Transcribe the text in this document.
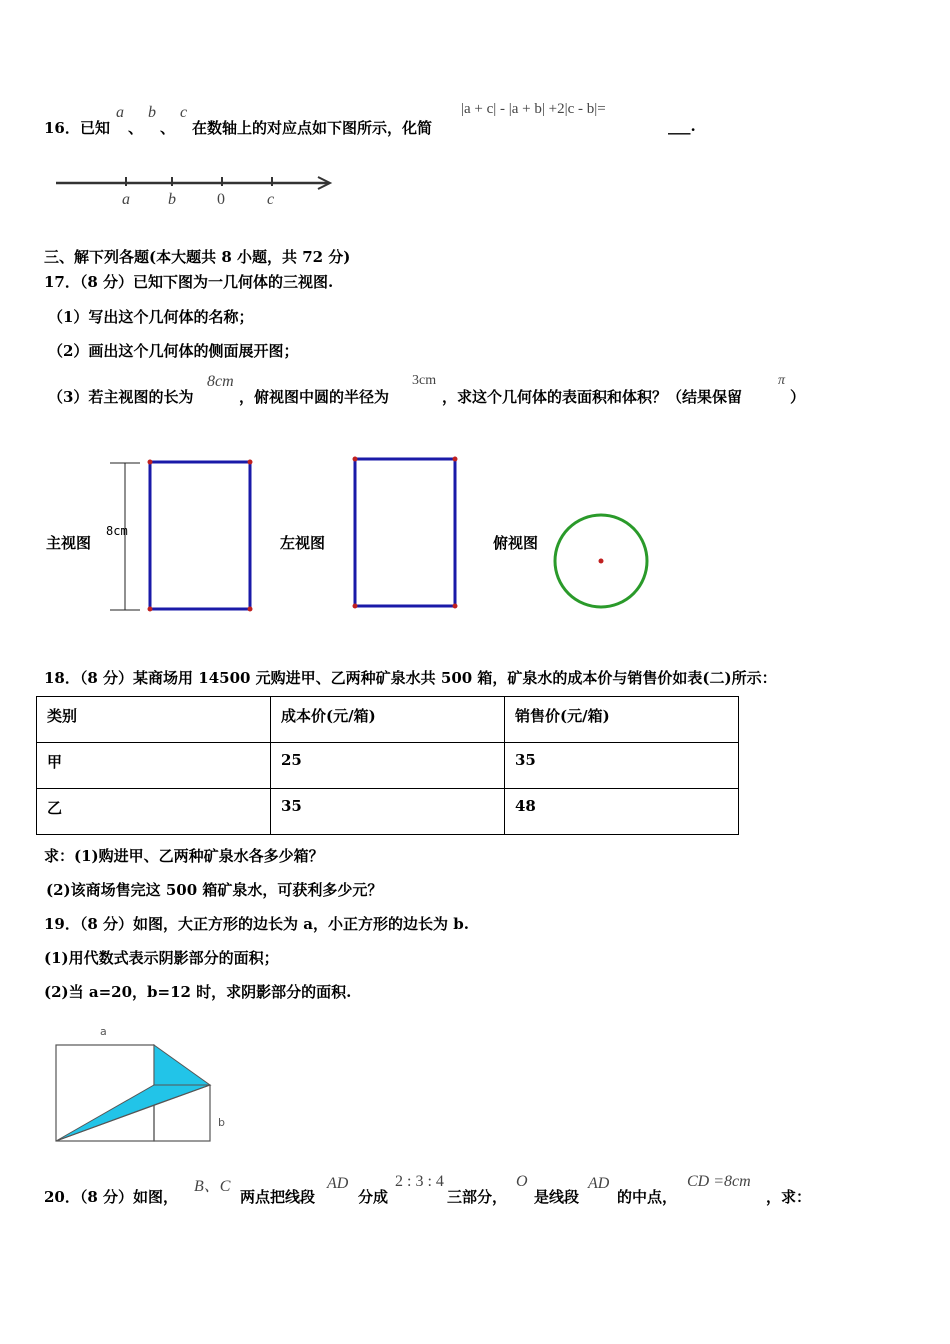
16． 已知
a
、
b
、
c
在数轴上的对应点如下图所示，化简
|a + c| - |a + b| +2|c - b|=
___.
a b	0	c
三、解下列各题(本大题共 8 小题，共 72 分)
17．（8 分）已知下图为一几何体的三视图.
（1）写出这个几何体的名称；
（2）画出这个几何体的侧面展开图；
（3）若主视图的长为
8cm
，俯视图中圆的半径为
3cm
，求这个几何体的表面积和体积？（结果保留
π
）
主视图
8cm
左视图	俯视图
18．（8 分）某商场用 14500 元购进甲、乙两种矿泉水共 500 箱，矿泉水的成本价与销售价如表(二)所示：
类别	成本价(元/箱)	销售价(元/箱)
甲	25	35
乙	35	48
求：(1)购进甲、乙两种矿泉水各多少箱？
(2)该商场售完这 500 箱矿泉水，可获利多少元？
19．（8 分）如图，大正方形的边长为 a，小正方形的边长为 b.
(1)用代数式表示阴影部分的面积；
(2)当 a=20，b=12 时，求阴影部分的面积.
a
b
20．（8 分）如图，
B、C
两点把线段
AD
分成
2 : 3 : 4
三部分，
O
是线段
AD
的中点，
CD =8cm
，求：
